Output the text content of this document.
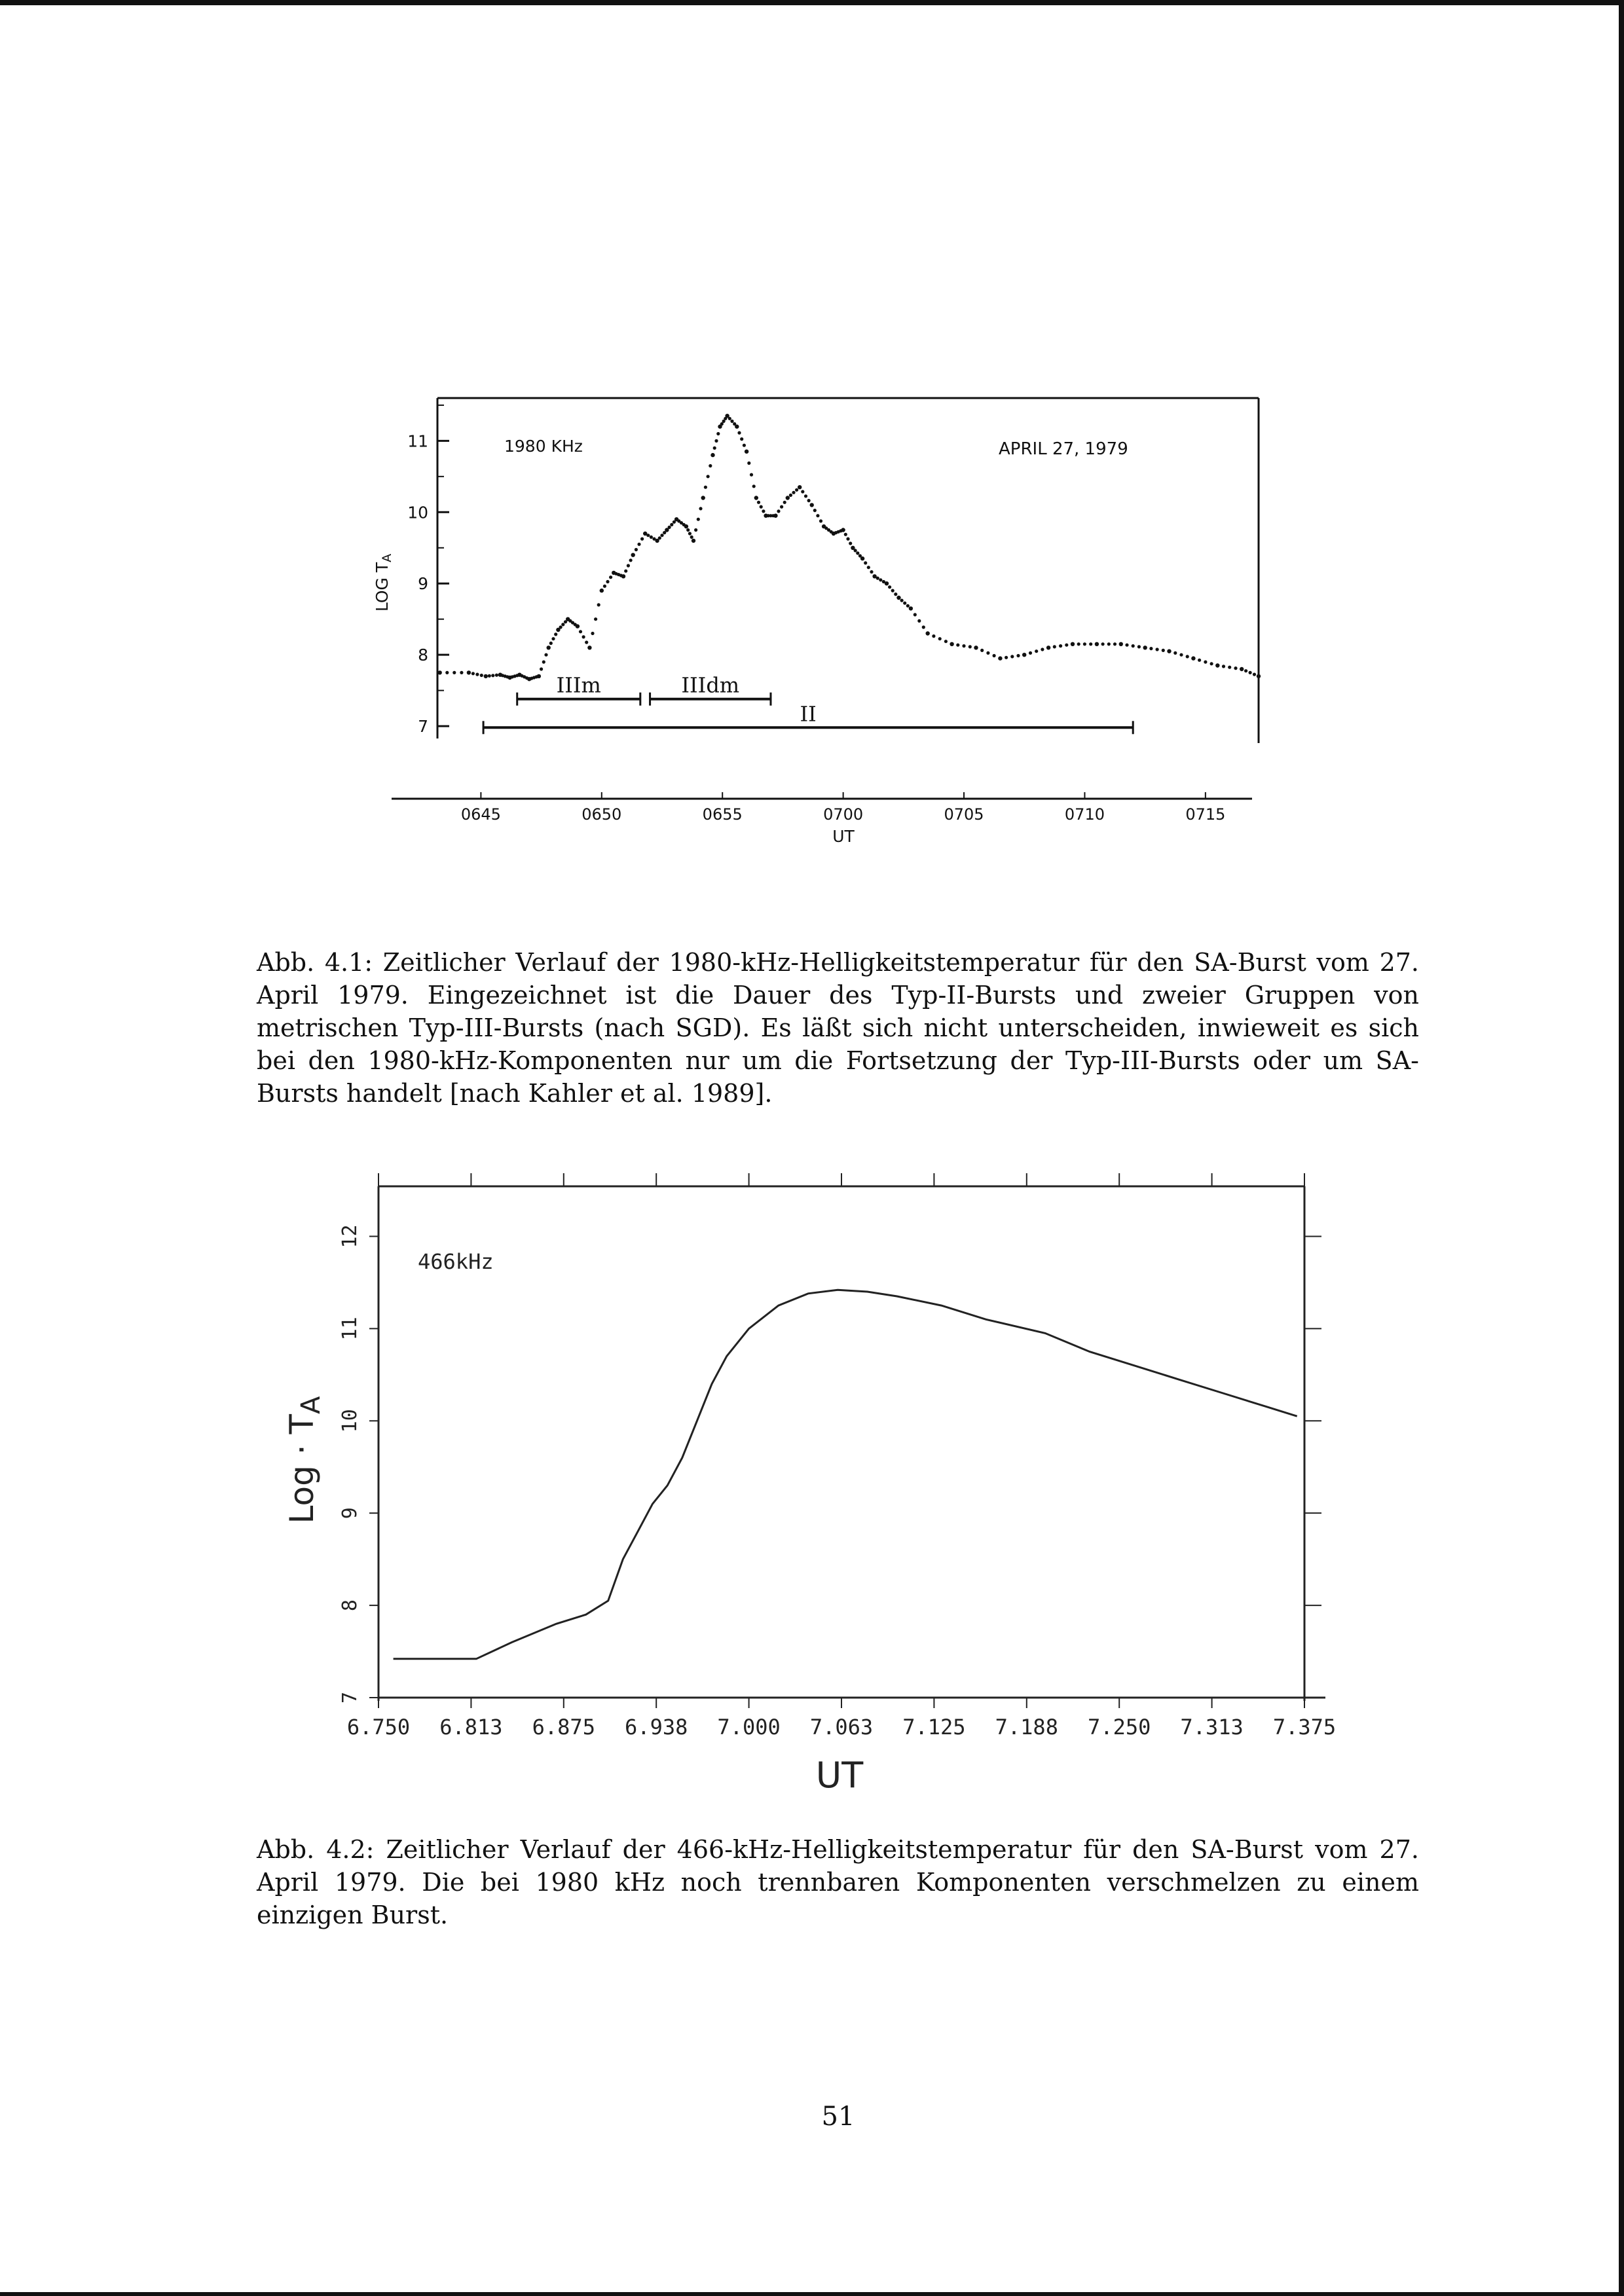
7
8
9
10
11
0645	0650	0655	0700	0705	0710	0715
IIIm	IIIdm
II
1980 KHz	APRIL 27, 1979
LOG $T_A$
UT
Abb. 4.1: Zeitlicher Verlauf der 1980-kHz-Helligkeitstemperatur für den SA-Burst vom 27. April 1979. Eingezeichnet ist die Dauer des Typ-II-Bursts und zweier Gruppen von metrischen Typ-III-Bursts (nach SGD). Es läßt sich nicht unterscheiden, inwieweit es sich bei den 1980-kHz-Komponenten nur um die Fortsetzung der Typ-III-Bursts oder um SA-Bursts handelt [nach Kahler et al. 1989].
7
8
9
10
11
12
6.750 6.813 6.875 6.938 7.000 7.063 7.125 7.188 7.250 7.313 7.375
466kHz
Log · $T_A$
UT
Abb. 4.2: Zeitlicher Verlauf der 466-kHz-Helligkeitstemperatur für den SA-Burst vom 27. April 1979. Die bei 1980 kHz noch trennbaren Komponenten verschmelzen zu einem einzigen Burst.
51
